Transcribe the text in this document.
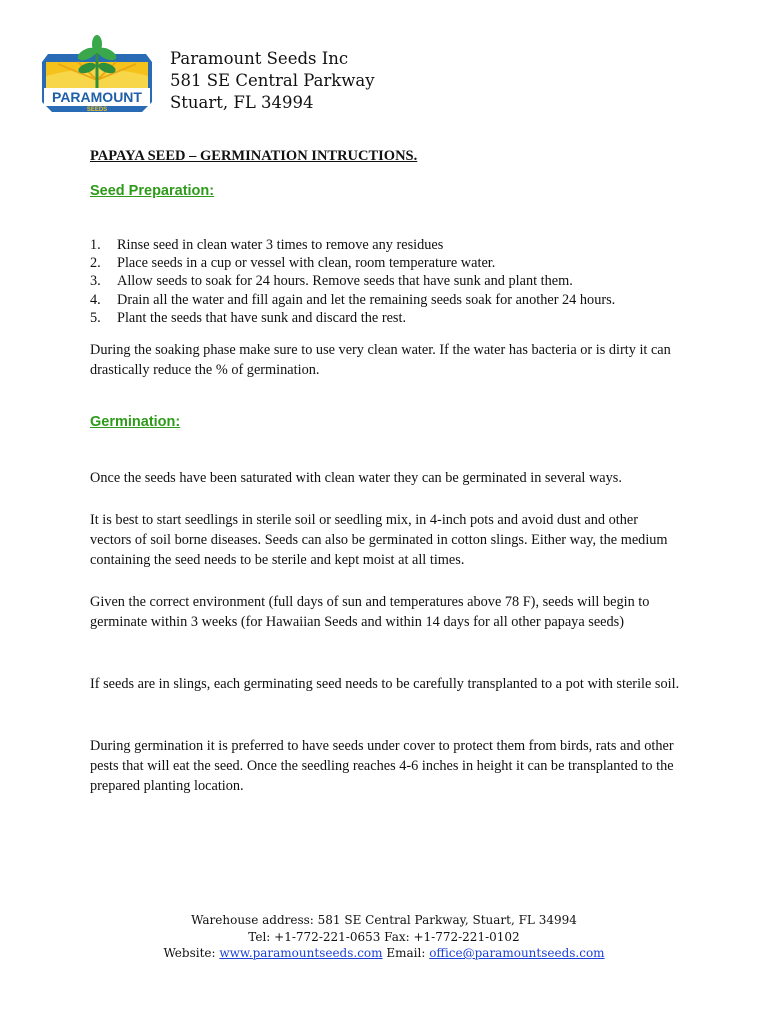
PARAMOUNT
SEEDS
Paramount Seeds Inc
581 SE Central Parkway
Stuart, FL 34994
PAPAYA SEED – GERMINATION INTRUCTIONS.
Seed Preparation:
1.	Rinse seed in clean water 3 times to remove any residues
2.	Place seeds in a cup or vessel with clean, room temperature water.
3.	Allow seeds to soak for 24 hours. Remove seeds that have sunk and plant them.
4.	Drain all the water and fill again and let the remaining seeds soak for another 24 hours.
5.	Plant the seeds that have sunk and discard the rest.
During the soaking phase make sure to use very clean water. If the water has bacteria or is dirty it can drastically reduce the % of germination.
Germination:
Once the seeds have been saturated with clean water they can be germinated in several ways.
It is best to start seedlings in sterile soil or seedling mix, in 4-inch pots and avoid dust and other vectors of soil borne diseases. Seeds can also be germinated in cotton slings. Either way, the medium containing the seed needs to be sterile and kept moist at all times.
Given the correct environment (full days of sun and temperatures above 78 F), seeds will begin to germinate within 3 weeks (for Hawaiian Seeds and within 14 days for all other papaya seeds)
If seeds are in slings, each germinating seed needs to be carefully transplanted to a pot with sterile soil.
During germination it is preferred to have seeds under cover to protect them from birds, rats and other pests that will eat the seed. Once the seedling reaches 4-6 inches in height it can be transplanted to the prepared planting location.
Warehouse address: 581 SE Central Parkway, Stuart, FL 34994
Tel: +1-772-221-0653 Fax: +1-772-221-0102
Website: www.paramountseeds.com Email: office@paramountseeds.com
